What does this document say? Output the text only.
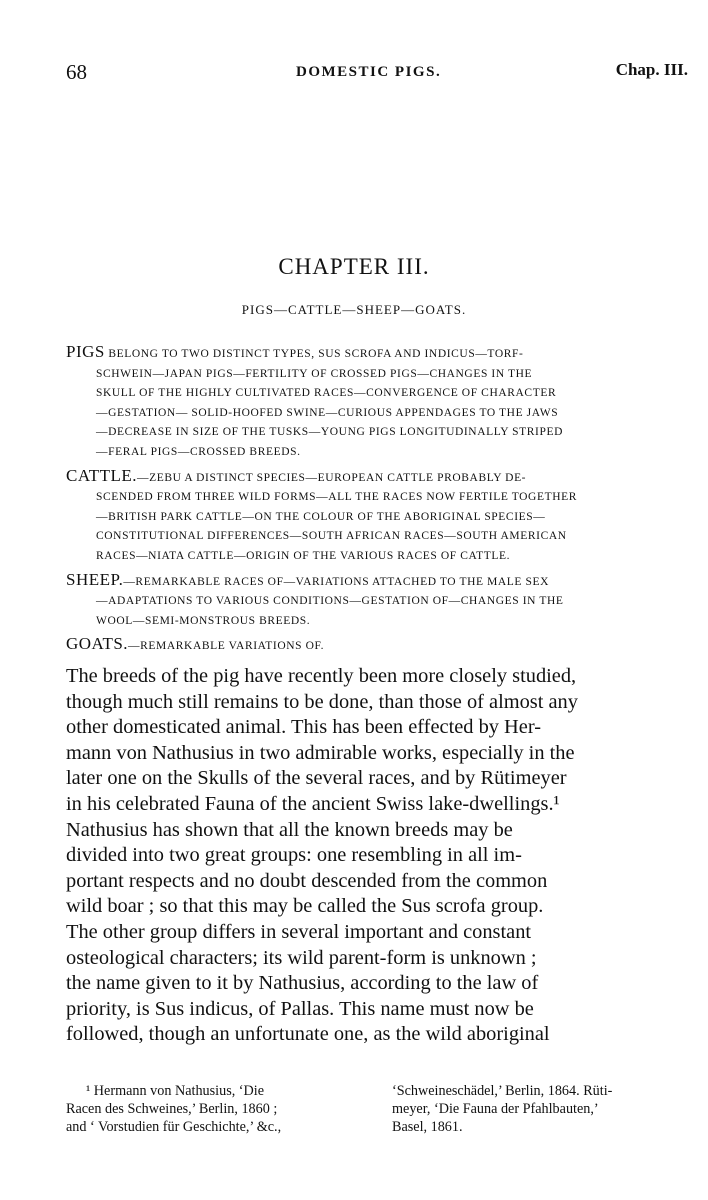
68	DOMESTIC PIGS.	Chap. III.
CHAPTER III.
PIGS—CATTLE—SHEEP—GOATS.
PIGS BELONG TO TWO DISTINCT TYPES, SUS SCROFA AND INDICUS—TORF-
SCHWEIN—JAPAN PIGS—FERTILITY OF CROSSED PIGS—CHANGES IN THE
SKULL OF THE HIGHLY CULTIVATED RACES—CONVERGENCE OF CHARACTER
—GESTATION— SOLID-HOOFED SWINE—CURIOUS APPENDAGES TO THE JAWS
—DECREASE IN SIZE OF THE TUSKS—YOUNG PIGS LONGITUDINALLY STRIPED
—FERAL PIGS—CROSSED BREEDS.
CATTLE.—ZEBU A DISTINCT SPECIES—EUROPEAN CATTLE PROBABLY DE-
SCENDED FROM THREE WILD FORMS—ALL THE RACES NOW FERTILE TOGETHER
—BRITISH PARK CATTLE—ON THE COLOUR OF THE ABORIGINAL SPECIES—
CONSTITUTIONAL DIFFERENCES—SOUTH AFRICAN RACES—SOUTH AMERICAN
RACES—NIATA CATTLE—ORIGIN OF THE VARIOUS RACES OF CATTLE.
SHEEP.—REMARKABLE RACES OF—VARIATIONS ATTACHED TO THE MALE SEX
—ADAPTATIONS TO VARIOUS CONDITIONS—GESTATION OF—CHANGES IN THE
WOOL—SEMI-MONSTROUS BREEDS.
GOATS.—REMARKABLE VARIATIONS OF.
The breeds of the pig have recently been more closely studied,
though much still remains to be done, than those of almost any
other domesticated animal. This has been effected by Her-
mann von Nathusius in two admirable works, especially in the
later one on the Skulls of the several races, and by Rütimeyer
in his celebrated Fauna of the ancient Swiss lake-dwellings.¹
Nathusius has shown that all the known breeds may be
divided into two great groups: one resembling in all im-
portant respects and no doubt descended from the common
wild boar ; so that this may be called the Sus scrofa group.
The other group differs in several important and constant
osteological characters; its wild parent-form is unknown ;
the name given to it by Nathusius, according to the law of
priority, is Sus indicus, of Pallas. This name must now be
followed, though an unfortunate one, as the wild aboriginal
¹ Hermann von Nathusius, ‘Die
Racen des Schweines,’ Berlin, 1860 ;
and ‘ Vorstudien für Geschichte,’ &c.,
‘Schweineschädel,’ Berlin, 1864. Rüti-
meyer, ‘Die Fauna der Pfahlbauten,’
Basel, 1861.
